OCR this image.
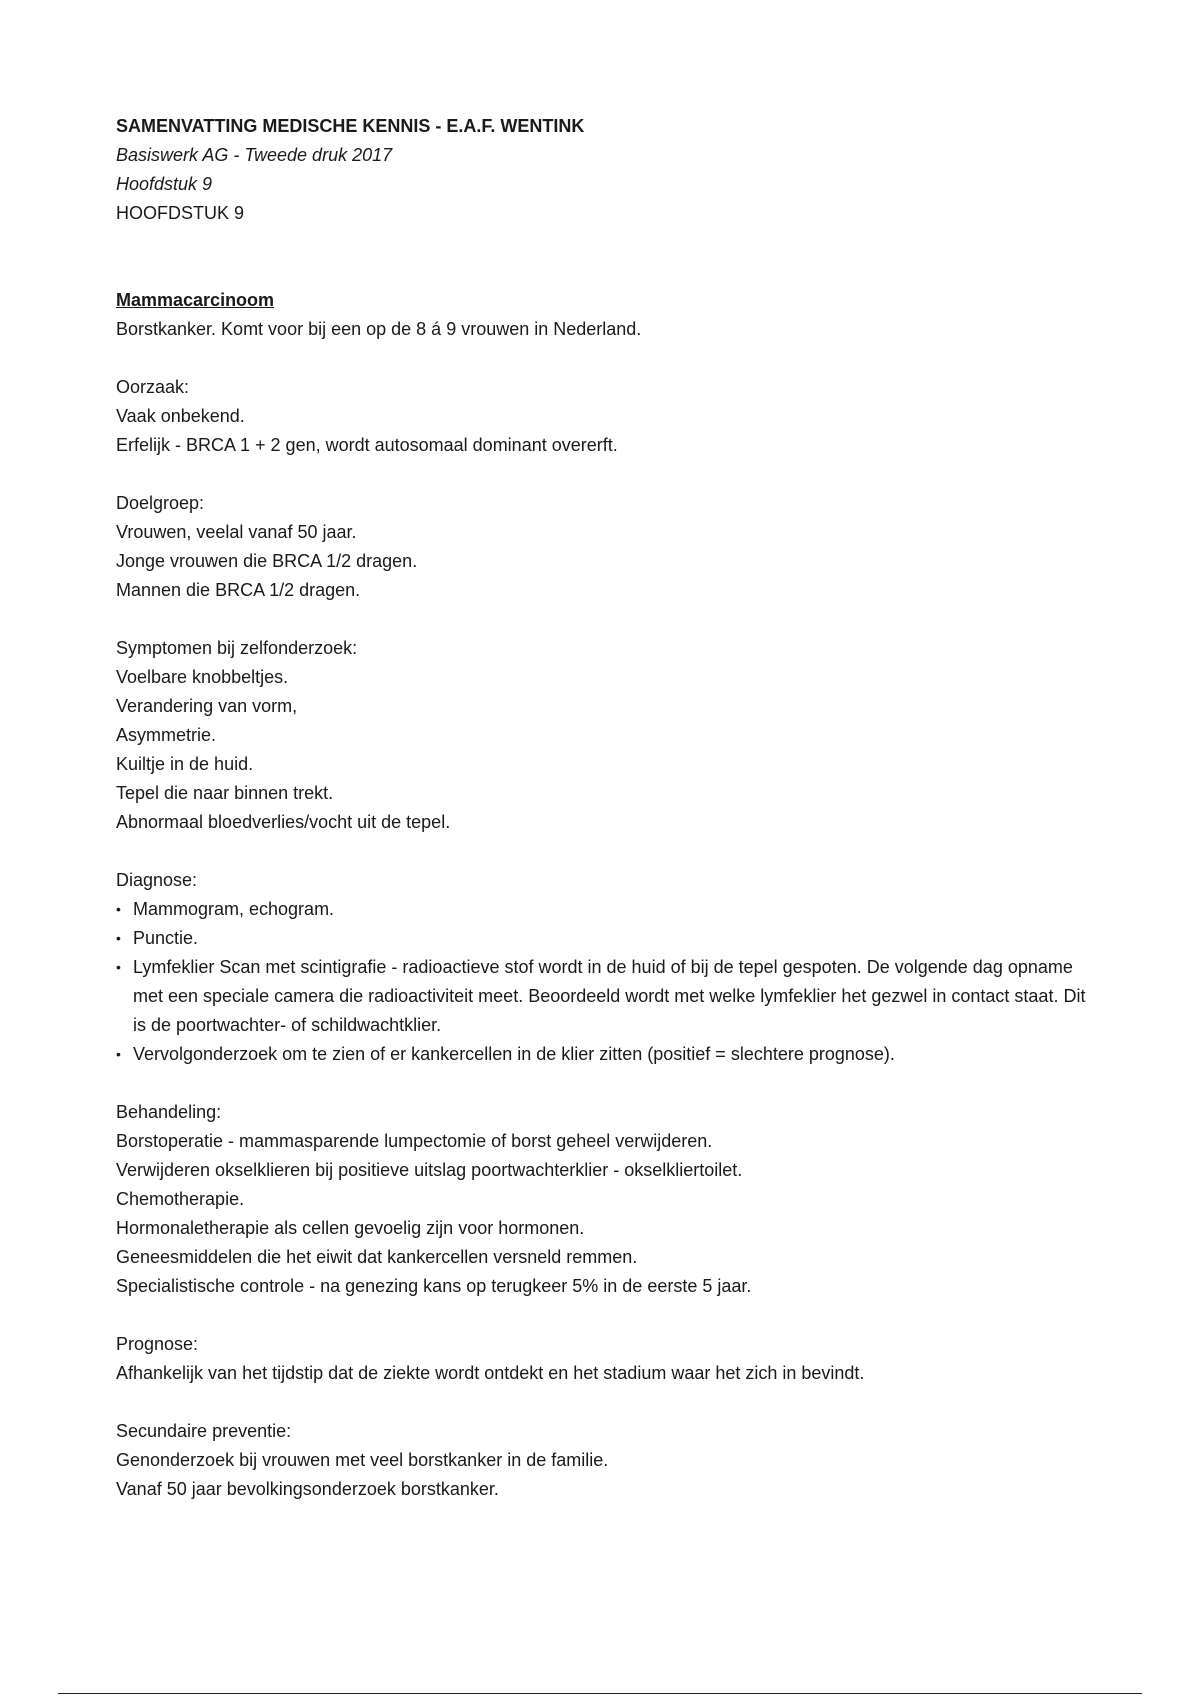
SAMENVATTING MEDISCHE KENNIS - E.A.F. WENTINK

Basiswerk AG - Tweede druk 2017

Hoofdstuk 9

HOOFDSTUK 9

Mammacarcinoom

Borstkanker. Komt voor bij een op de 8 á 9 vrouwen in Nederland.

Oorzaak:

Vaak onbekend.

Erfelijk - BRCA 1 + 2 gen, wordt autosomaal dominant overerft.

Doelgroep:

Vrouwen, veelal vanaf 50 jaar.

Jonge vrouwen die BRCA 1/2 dragen.

Mannen die BRCA 1/2 dragen.

Symptomen bij zelfonderzoek:

Voelbare knobbeltjes.

Verandering van vorm,

Asymmetrie.

Kuiltje in de huid.

Tepel die naar binnen trekt.

Abnormaal bloedverlies/vocht uit de tepel.

Diagnose:

• Mammogram, echogram.
• Punctie.
• Lymfeklier Scan met scintigrafie - radioactieve stof wordt in de huid of bij de tepel gespoten. De volgende dag opname met een speciale camera die radioactiviteit meet. Beoordeeld wordt met welke lymfeklier het gezwel in contact staat. Dit is de poortwachter- of schildwachtklier.
• Vervolgonderzoek om te zien of er kankercellen in de klier zitten (positief = slechtere prognose).

Behandeling:

Borstoperatie - mammasparende lumpectomie of borst geheel verwijderen.

Verwijderen okselklieren bij positieve uitslag poortwachterklier - okselkliertoilet.

Chemotherapie.

Hormonaletherapie als cellen gevoelig zijn voor hormonen.

Geneesmiddelen die het eiwit dat kankercellen versneld remmen.

Specialistische controle - na genezing kans op terugkeer 5% in de eerste 5 jaar.

Prognose:

Afhankelijk van het tijdstip dat de ziekte wordt ontdekt en het stadium waar het zich in bevindt.

Secundaire preventie:

Genonderzoek bij vrouwen met veel borstkanker in de familie.

Vanaf 50 jaar bevolkingsonderzoek borstkanker.
